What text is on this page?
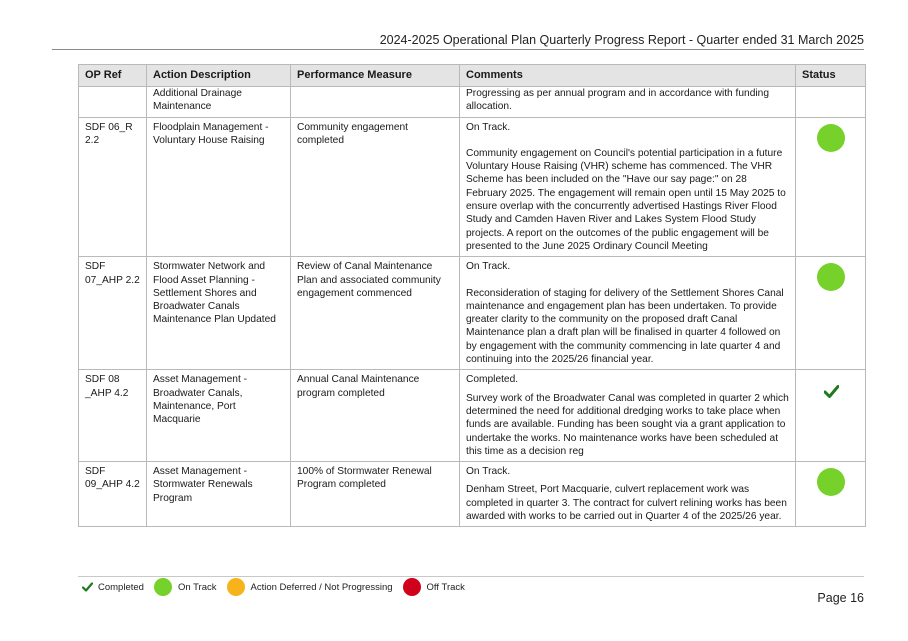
2024-2025 Operational Plan Quarterly Progress Report - Quarter ended 31 March 2025
OP Ref	Action Description	Performance Measure	Comments	Status
	Additional Drainage Maintenance		Progressing as per annual program and in accordance with funding allocation.	

SDF 06_R 2.2	Floodplain Management - Voluntary House Raising	Community engagement completed	On Track.
Community engagement on Council's potential participation in a future Voluntary House Raising (VHR) scheme has commenced. The VHR Scheme has been included on the "Have our say page:" on 28 February 2025. The engagement will remain open until 15 May 2025 to ensure overlap with the concurrently advertised Hastings River Flood Study and Camden Haven River and Lakes System Flood Study projects. A report on the outcomes of the public engagement will be presented to the June 2025 Ordinary Council Meeting	

SDF 07_AHP 2.2	Stormwater Network and Flood Asset Planning - Settlement Shores and Broadwater Canals Maintenance Plan Updated	Review of Canal Maintenance Plan and associated community engagement commenced	On Track.
Reconsideration of staging for delivery of the Settlement Shores Canal maintenance and engagement plan has been undertaken. To provide greater clarity to the community on the proposed draft Canal Maintenance plan a draft plan will be finalised in quarter 4 followed on by engagement with the community commencing in late quarter 4 and continuing into the 2025/26 financial year.	

SDF 08 _AHP 4.2	Asset Management - Broadwater Canals, Maintenance, Port Macquarie	Annual Canal Maintenance program completed	Completed.
Survey work of the Broadwater Canal was completed in quarter 2 which determined the need for additional dredging works to take place when funds are available. Funding has been sought via a grant application to undertake the works. No maintenance works have been scheduled at this time as a decision reg

SDF 09_AHP 4.2	Asset Management - Stormwater Renewals Program	100% of Stormwater Renewal Program completed	On Track.
Denham Street, Port Macquarie, culvert replacement work was completed in quarter 3. The contract for culvert relining works has been awarded with works to be carried out in Quarter 4 of the 2025/26 year.	

Completed	On Track	Action Deferred / Not Progressing	Off Track
Page 16
